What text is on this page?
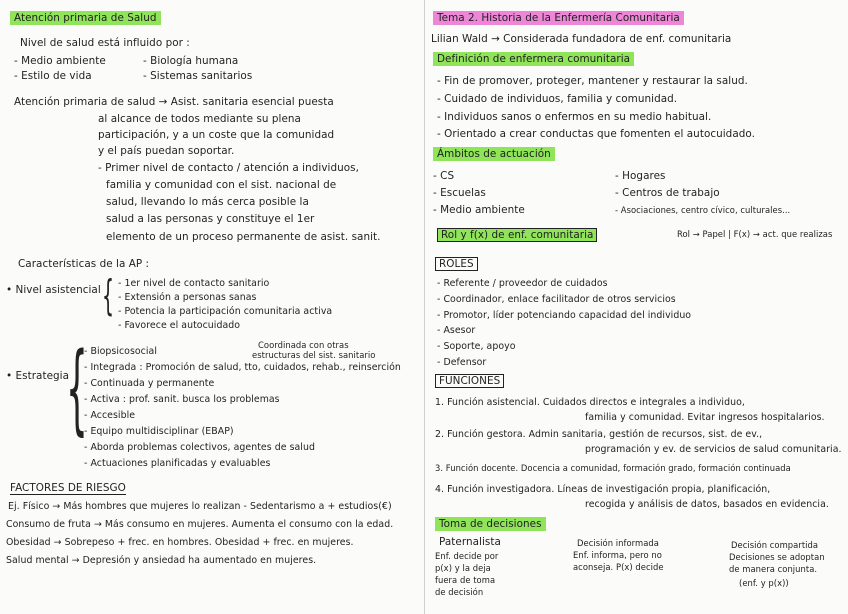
Atención primaria de Salud
Nivel de salud está influido por :
- Medio ambiente
- Estilo de vida
- Biología humana
- Sistemas sanitarios
Atención primaria de salud → Asist. sanitaria esencial puesta
al alcance de todos mediante su plena
participación, y a un coste que la comunidad
y el país puedan soportar.
- Primer nivel de contacto / atención a individuos,
familia y comunidad con el sist. nacional de
salud, llevando lo más cerca posible la
salud a las personas y constituye el 1er
elemento de un proceso permanente de asist. sanit.
Características de la AP :
• Nivel asistencial { - 1er nivel de contacto sanitario
- Extensión a personas sanas
- Potencia la participación comunitaria activa
- Favorece el autocuidado
• Estrategia
{
- Biopsicosocial
Coordinada con otras
estructuras del sist. sanitario
- Integrada : Promoción de salud, tto, cuidados, rehab., reinserción
- Continuada y permanente
- Activa : prof. sanit. busca los problemas
- Accesible
- Equipo multidisciplinar (EBAP)
- Aborda problemas colectivos, agentes de salud
- Actuaciones planificadas y evaluables
FACTORES DE RIESGO
Ej. Físico → Más hombres que mujeres lo realizan - Sedentarismo a + estudios(€)
Consumo de fruta → Más consumo en mujeres. Aumenta el consumo con la edad.
Obesidad → Sobrepeso + frec. en hombres. Obesidad + frec. en mujeres.
Salud mental → Depresión y ansiedad ha aumentado en mujeres.
Tema 2. Historia de la Enfermería Comunitaria
Lilian Wald → Considerada fundadora de enf. comunitaria
Definición de enfermera comunitaria
- Fin de promover, proteger, mantener y restaurar la salud.
- Cuidado de individuos, familia y comunidad.
- Individuos sanos o enfermos en su medio habitual.
- Orientado a crear conductas que fomenten el autocuidado.
Ámbitos de actuación
- CS
- Escuelas
- Medio ambiente
- Hogares
- Centros de trabajo
- Asociaciones, centro cívico, culturales...
Rol y f(x) de enf. comunitaria	Rol → Papel | F(x) → act. que realizas
ROLES
- Referente / proveedor de cuidados
- Coordinador, enlace facilitador de otros servicios
- Promotor, líder potenciando capacidad del individuo
- Asesor
- Soporte, apoyo
- Defensor
FUNCIONES
1. Función asistencial. Cuidados directos e integrales a individuo,
familia y comunidad. Evitar ingresos hospitalarios.
2. Función gestora. Admin sanitaria, gestión de recursos, sist. de ev.,
programación y ev. de servicios de salud comunitaria.
3. Función docente. Docencia a comunidad, formación grado, formación continuada
4. Función investigadora. Líneas de investigación propia, planificación,
recogida y análisis de datos, basados en evidencia.
Toma de decisiones
Paternalista
Enf. decide por
p(x) y la deja
fuera de toma
de decisión
Decisión informada
Enf. informa, pero no
aconseja. P(x) decide
Decisión compartida
Decisiones se adoptan
de manera conjunta.
(enf. y p(x))
